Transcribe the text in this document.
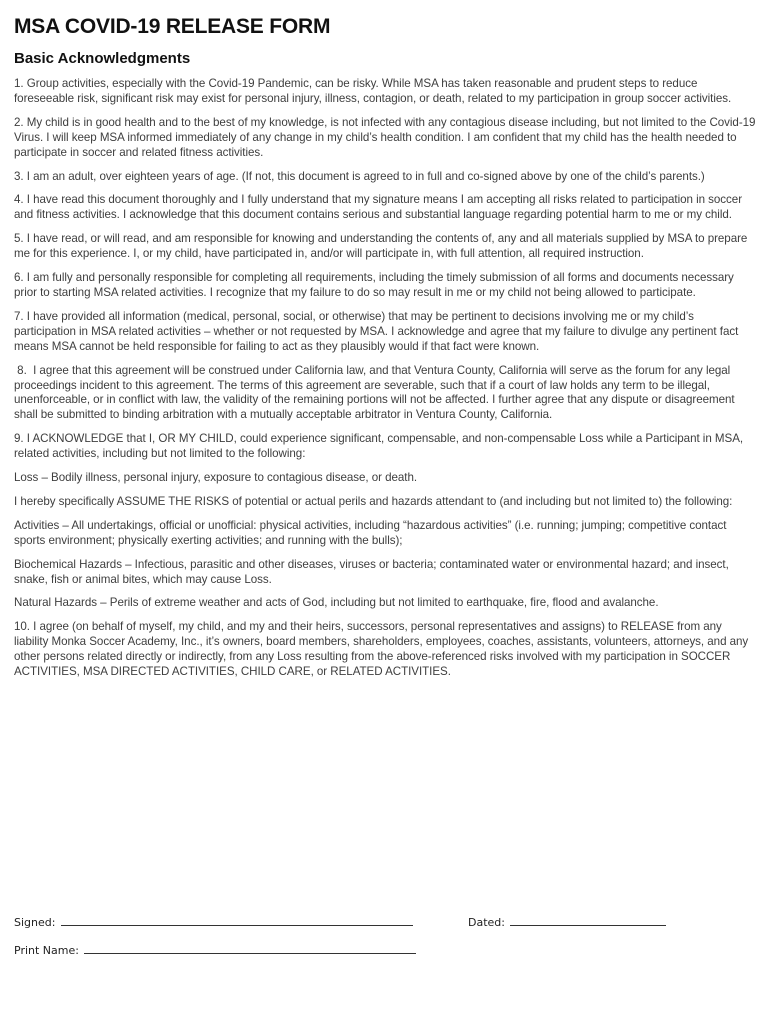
MSA COVID-19 RELEASE FORM
Basic Acknowledgments

1. Group activities, especially with the Covid-19 Pandemic, can be risky. While MSA has taken reasonable and prudent steps to reduce foreseeable risk, significant risk may exist for personal injury, illness, contagion, or death, related to my participation in group soccer activities.

2. My child is in good health and to the best of my knowledge, is not infected with any contagious disease including, but not limited to the Covid-19 Virus. I will keep MSA informed immediately of any change in my child’s health condition. I am confident that my child has the health needed to participate in soccer and related fitness activities.

3. I am an adult, over eighteen years of age. (If not, this document is agreed to in full and co-signed above by one of the child’s parents.)

4. I have read this document thoroughly and I fully understand that my signature means I am accepting all risks related to participation in soccer and fitness activities. I acknowledge that this document contains serious and substantial language regarding potential harm to me or my child.

5. I have read, or will read, and am responsible for knowing and understanding the contents of, any and all materials supplied by MSA to prepare me for this experience. I, or my child, have participated in, and/or will participate in, with full attention, all required instruction.

6. I am fully and personally responsible for completing all requirements, including the timely submission of all forms and documents necessary prior to starting MSA related activities. I recognize that my failure to do so may result in me or my child not being allowed to participate.

7. I have provided all information (medical, personal, social, or otherwise) that may be pertinent to decisions involving me or my child’s participation in MSA related activities – whether or not requested by MSA. I acknowledge and agree that my failure to divulge any pertinent fact means MSA cannot be held responsible for failing to act as they plausibly would if that fact were known.

8.  I agree that this agreement will be construed under California law, and that Ventura County, California will serve as the forum for any legal proceedings incident to this agreement. The terms of this agreement are severable, such that if a court of law holds any term to be illegal, unenforceable, or in conflict with law, the validity of the remaining portions will not be affected. I further agree that any dispute or disagreement shall be submitted to binding arbitration with a mutually acceptable arbitrator in Ventura County, California.

9. I ACKNOWLEDGE that I, OR MY CHILD, could experience significant, compensable, and non-compensable Loss while a Participant in MSA, related activities, including but not limited to the following:

Loss – Bodily illness, personal injury, exposure to contagious disease, or death.

I hereby specifically ASSUME THE RISKS of potential or actual perils and hazards attendant to (and including but not limited to) the following:

Activities – All undertakings, official or unofficial: physical activities, including “hazardous activities” (i.e. running; jumping; competitive contact sports environment; physically exerting activities; and running with the bulls);

Biochemical Hazards – Infectious, parasitic and other diseases, viruses or bacteria; contaminated water or environmental hazard; and insect, snake, fish or animal bites, which may cause Loss.

Natural Hazards – Perils of extreme weather and acts of God, including but not limited to earthquake, fire, flood and avalanche.

10. I agree (on behalf of myself, my child, and my and their heirs, successors, personal representatives and assigns) to RELEASE from any liability Monka Soccer Academy, Inc., it’s owners, board members, shareholders, employees, coaches, assistants, volunteers, attorneys, and any other persons related directly or indirectly, from any Loss resulting from the above-referenced risks involved with my participation in SOCCER ACTIVITIES, MSA DIRECTED ACTIVITIES, CHILD CARE, or RELATED ACTIVITIES.

Signed:	Dated:
Print Name:
